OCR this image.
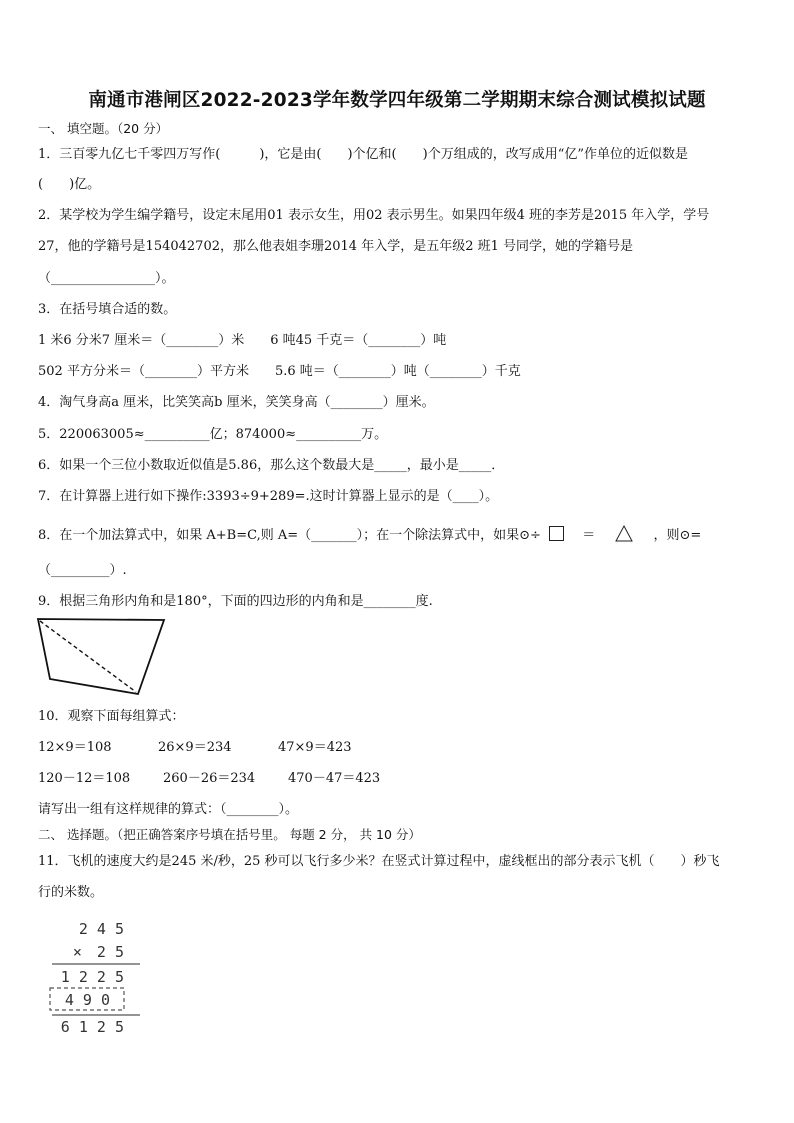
南通市港闸区2022-2023学年数学四年级第二学期期末综合测试模拟试题
一、 填空题。（20 分）
1．三百零九亿七千零四万写作(　　　)，它是由(　　)个亿和(　　)个万组成的，改写成用“亿”作单位的近似数是
(　　)亿。
2．某学校为学生编学籍号，设定末尾用01 表示女生，用02 表示男生。如果四年级4 班的李芳是2015 年入学，学号
27，他的学籍号是154042702，那么他表姐李珊2014 年入学，是五年级2 班1 号同学，她的学籍号是
（________________）。
3．在括号填合适的数。
1 米6 分米7 厘米＝（________）米　　6 吨45 千克＝（________）吨
502 平方分米＝（________）平方米　　5.6 吨＝（________）吨（________）千克
4．淘气身高a 厘米，比笑笑高b 厘米，笑笑身高（________）厘米。
5．220063005≈__________亿；874000≈__________万。
6．如果一个三位小数取近似值是5.86，那么这个数最大是_____，最小是_____．
7．在计算器上进行如下操作:3393÷9+289=.这时计算器上显示的是（____）。
8．在一个加法算式中，如果 A+B=C,则 A=（_______）；在一个除法算式中，如果⊙÷	＝	，则⊙=
（_________）.
9．根据三角形内角和是180°，下面的四边形的内角和是________度.
10．观察下面每组算式：
12×9＝108	26×9＝234	47×9＝423
120－12＝108	260－26＝234	470－47＝423
请写出一组有这样规律的算式：（________）。
二、 选择题。（把正确答案序号填在括号里。 每题 2 分， 共 10 分）
11．飞机的速度大约是245 米/秒，25 秒可以飞行多少米？在竖式计算过程中，虚线框出的部分表示飞机（　　）秒飞
行的米数。
2 4 5
×　2 5
1 2 2 5
4 9 0
6 1 2 5
